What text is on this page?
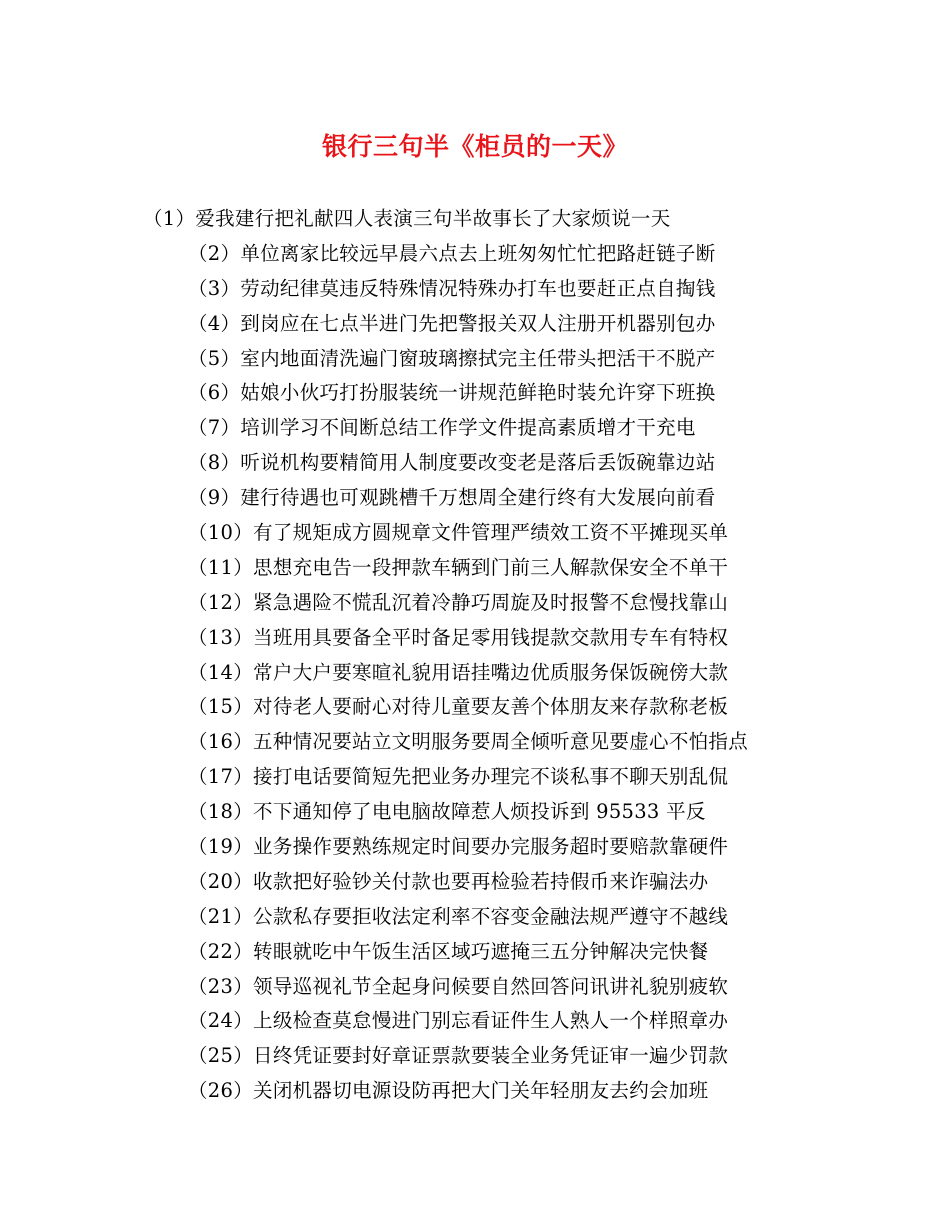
银行三句半《柜员的一天》
（1）爱我建行把礼献四人表演三句半故事长了大家烦说一天
（2）单位离家比较远早晨六点去上班匆匆忙忙把路赶链子断
（3）劳动纪律莫违反特殊情况特殊办打车也要赶正点自掏钱
（4）到岗应在七点半进门先把警报关双人注册开机器别包办
（5）室内地面清洗遍门窗玻璃擦拭完主任带头把活干不脱产
（6）姑娘小伙巧打扮服装统一讲规范鲜艳时装允许穿下班换
（7）培训学习不间断总结工作学文件提高素质增才干充电
（8）听说机构要精简用人制度要改变老是落后丢饭碗靠边站
（9）建行待遇也可观跳槽千万想周全建行终有大发展向前看
（10）有了规矩成方圆规章文件管理严绩效工资不平摊现买单
（11）思想充电告一段押款车辆到门前三人解款保安全不单干
（12）紧急遇险不慌乱沉着冷静巧周旋及时报警不怠慢找靠山
（13）当班用具要备全平时备足零用钱提款交款用专车有特权
（14）常户大户要寒暄礼貌用语挂嘴边优质服务保饭碗傍大款
（15）对待老人要耐心对待儿童要友善个体朋友来存款称老板
（16）五种情况要站立文明服务要周全倾听意见要虚心不怕指点
（17）接打电话要简短先把业务办理完不谈私事不聊天别乱侃
（18）不下通知停了电电脑故障惹人烦投诉到 95533 平反
（19）业务操作要熟练规定时间要办完服务超时要赔款靠硬件
（20）收款把好验钞关付款也要再检验若持假币来诈骗法办
（21）公款私存要拒收法定利率不容变金融法规严遵守不越线
（22）转眼就吃中午饭生活区域巧遮掩三五分钟解决完快餐
（23）领导巡视礼节全起身问候要自然回答问讯讲礼貌别疲软
（24）上级检查莫怠慢进门别忘看证件生人熟人一个样照章办
（25）日终凭证要封好章证票款要装全业务凭证审一遍少罚款
（26）关闭机器切电源设防再把大门关年轻朋友去约会加班
